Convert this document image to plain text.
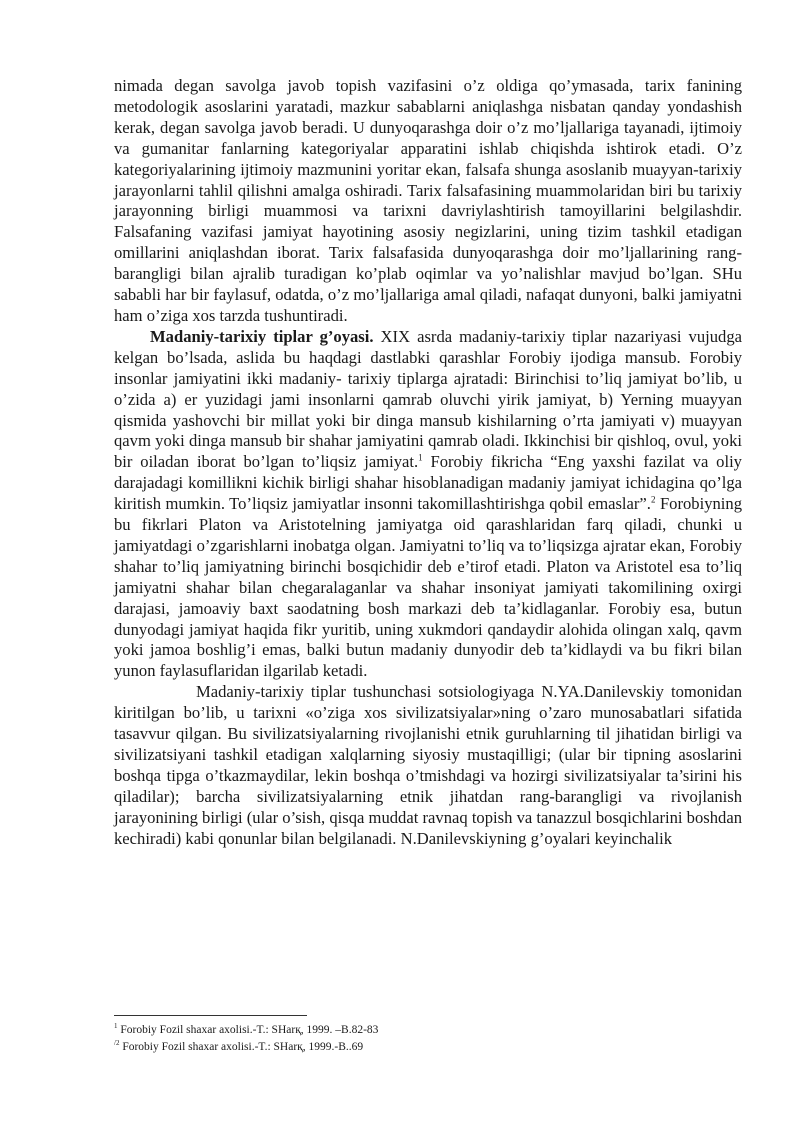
nimada degan savolga javob topish vazifasini o’z oldiga qo’ymasada, tarix fanining metodologik asoslarini yaratadi, mazkur sabablarni aniqlashga nisbatan qanday yondashish kerak, degan savolga javob beradi. U dunyoqarashga doir o’z mo’ljallariga tayanadi, ijtimoiy va gumanitar fanlarning kategoriyalar apparatini ishlab chiqishda ishtirok etadi. O’z kategoriyalarining ijtimoiy mazmunini yoritar ekan, falsafa shunga asoslanib muayyan-tarixiy jarayonlarni tahlil qilishni amalga oshiradi. Tarix falsafasining muammolaridan biri bu tarixiy jarayonning birligi muammosi va tarixni davriylashtirish tamoyillarini belgilashdir. Falsafaning vazifasi jamiyat hayotining asosiy negizlarini, uning tizim tashkil etadigan omillarini aniqlashdan iborat. Tarix falsafasida dunyoqarashga doir mo’ljallarining rang-barangligi bilan ajralib turadigan ko’plab oqimlar va yo’nalishlar mavjud bo’lgan. SHu sababli har bir faylasuf, odatda, o’z mo’ljallariga amal qiladi, nafaqat dunyoni, balki jamiyatni ham o’ziga xos tarzda tushuntiradi.

Madaniy-tarixiy tiplar g’oyasi. XIX asrda madaniy-tarixiy tiplar nazariyasi vujudga kelgan bo’lsada, aslida bu haqdagi dastlabki qarashlar Forobiy ijodiga mansub. Forobiy insonlar jamiyatini ikki madaniy- tarixiy tiplarga ajratadi: Birinchisi to’liq jamiyat bo’lib, u o’zida a) er yuzidagi jami insonlarni qamrab oluvchi yirik jamiyat, b) Yerning muayyan qismida yashovchi bir millat yoki bir dinga mansub kishilarning o’rta jamiyati v) muayyan qavm yoki dinga mansub bir shahar jamiyatini qamrab oladi. Ikkinchisi bir qishloq, ovul, yoki bir oiladan iborat bo’lgan to’liqsiz jamiyat.$^1$ Forobiy fikricha “Eng yaxshi fazilat va oliy darajadagi komillikni kichik birligi shahar hisoblanadigan madaniy jamiyat ichidagina qo’lga kiritish mumkin. To’liqsiz jamiyatlar insonni takomillashtirishga qobil emaslar”.$^2$ Forobiyning bu fikrlari Platon va Aristotelning jamiyatga oid qarashlaridan farq qiladi, chunki u jamiyatdagi o’zgarishlarni inobatga olgan. Jamiyatni to’liq va to’liqsizga ajratar ekan, Forobiy shahar to’liq jamiyatning birinchi bosqichidir deb e’tirof etadi. Platon va Aristotel esa to’liq jamiyatni shahar bilan chegaralaganlar va shahar insoniyat jamiyati takomilining oxirgi darajasi, jamoaviy baxt saodatning bosh markazi deb ta’kidlaganlar. Forobiy esa, butun dunyodagi jamiyat haqida fikr yuritib, uning xukmdori qandaydir alohida olingan xalq, qavm yoki jamoa boshlig’i emas, balki butun madaniy dunyodir deb ta’kidlaydi va bu fikri bilan yunon faylasuflaridan ilgarilab ketadi.

Madaniy-tarixiy tiplar tushunchasi sotsiologiyaga N.YA.Danilevskiy tomonidan kiritilgan bo’lib, u tarixni «o’ziga xos sivilizatsiyalar»ning o’zaro munosabatlari sifatida tasavvur qilgan. Bu sivilizatsiyalarning rivojlanishi etnik guruhlarning til jihatidan birligi va sivilizatsiyani tashkil etadigan xalqlarning siyosiy mustaqilligi; (ular bir tipning asoslarini boshqa tipga o’tkazmaydilar, lekin boshqa o’tmishdagi va hozirgi sivilizatsiyalar ta’sirini his qiladilar); barcha sivilizatsiyalarning etnik jihatdan rang-barangligi va rivojlanish jarayonining birligi (ular o’sish, qisqa muddat ravnaq topish va tanazzul bosqichlarini boshdan kechiradi) kabi qonunlar bilan belgilanadi. N.Danilevskiyning g’oyalari keyinchalik

$^1$ Forobiy Fozil shaxar axolisi.-T.: SHarқ, 1999. –B.82-83

$^{/2}$ Forobiy Fozil shaxar axolisi.-T.: SHarқ, 1999.-B..69
